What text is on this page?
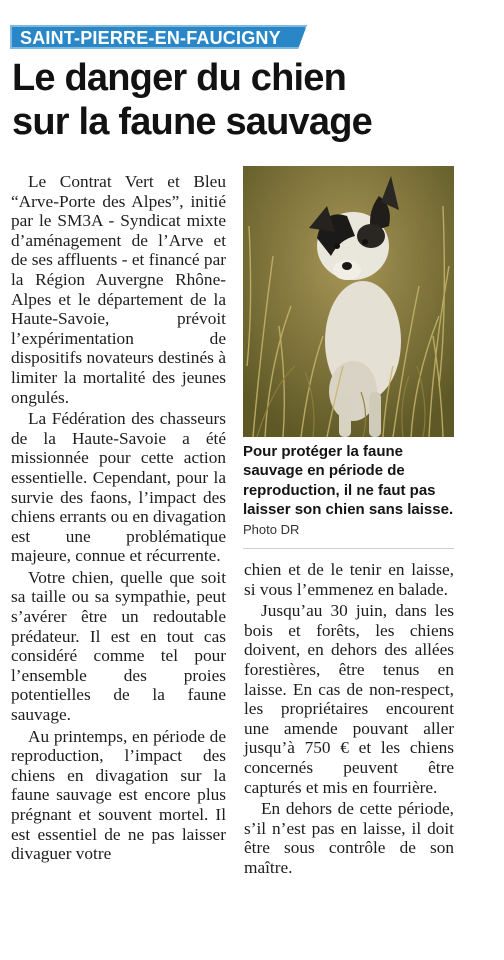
SAINT-PIERRE-EN-FAUCIGNY
Le danger du chien
sur la faune sauvage

Le Contrat Vert et Bleu “Arve-Porte des Alpes”, initié par le SM3A - Syndicat mixte d’aménagement de l’Arve et de ses affluents - et financé par la Région Auvergne Rhône-Alpes et le département de la Haute-Savoie, prévoit l’expérimentation de dispositifs novateurs destinés à limiter la mortalité des jeunes ongulés.

La Fédération des chasseurs de la Haute-Savoie a été missionnée pour cette action essentielle. Cependant, pour la survie des faons, l’impact des chiens errants ou en divagation est une problématique majeure, connue et récurrente.

Votre chien, quelle que soit sa taille ou sa sympathie, peut s’avérer être un redoutable prédateur. Il est en tout cas considéré comme tel pour l’ensemble des proies potentielles de la faune sauvage.

Au printemps, en période de reproduction, l’impact des chiens en divagation sur la faune sauvage est encore plus prégnant et souvent mortel. Il est essentiel de ne pas laisser divaguer votre

Pour protéger la faune sauvage en période de reproduction, il ne faut pas laisser son chien sans laisse. Photo DR

chien et de le tenir en laisse, si vous l’emmenez en balade.

Jusqu’au 30 juin, dans les bois et forêts, les chiens doivent, en dehors des allées forestières, être tenus en laisse. En cas de non-respect, les propriétaires encourent une amende pouvant aller jusqu’à 750 € et les chiens concernés peuvent être capturés et mis en fourrière.

En dehors de cette période, s’il n’est pas en laisse, il doit être sous contrôle de son maître.
